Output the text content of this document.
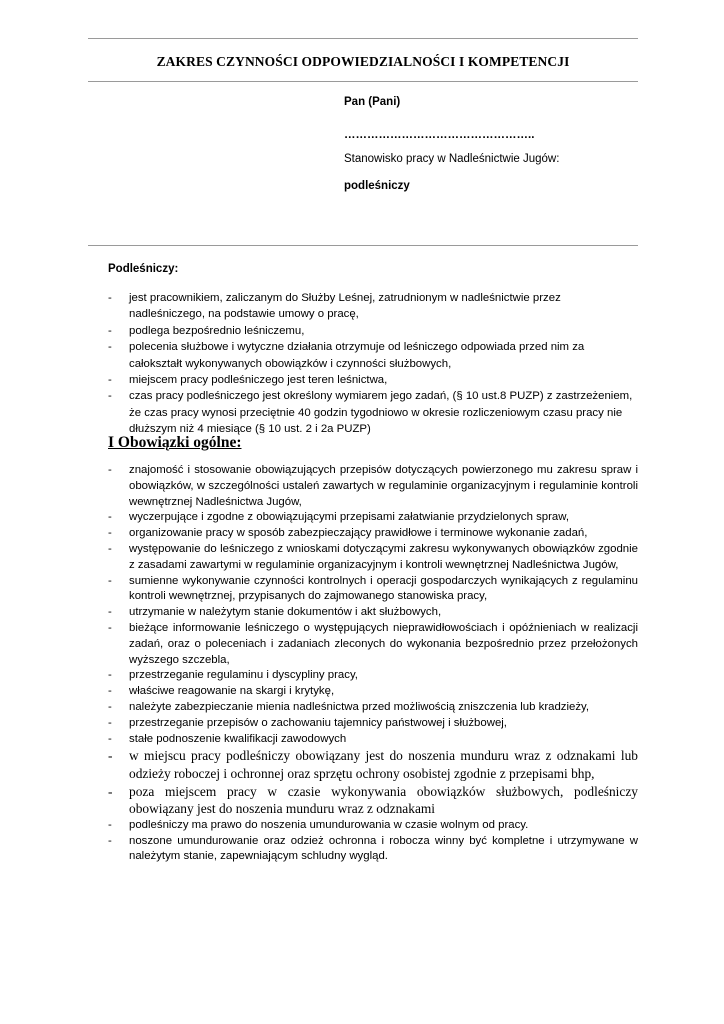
ZAKRES CZYNNOŚCI ODPOWIEDZIALNOŚCI I KOMPETENCJI
Pan (Pani)
…………………………………………..
Stanowisko pracy w Nadleśnictwie Jugów:
podleśniczy
Podleśniczy:
- jest pracownikiem, zaliczanym do Służby Leśnej, zatrudnionym w nadleśnictwie przez nadleśniczego, na podstawie umowy o pracę,
- podlega bezpośrednio leśniczemu,
- polecenia służbowe i wytyczne działania otrzymuje od leśniczego odpowiada przed nim za całokształt wykonywanych obowiązków i czynności służbowych,
- miejscem pracy podleśniczego jest teren leśnictwa,
- czas pracy podleśniczego jest określony wymiarem jego zadań, (§ 10 ust.8 PUZP) z zastrzeżeniem, że czas pracy wynosi przeciętnie 40 godzin tygodniowo w okresie rozliczeniowym czasu pracy nie dłuższym niż 4 miesiące (§ 10 ust. 2 i 2a PUZP)
I Obowiązki ogólne:
- znajomość i stosowanie obowiązujących przepisów dotyczących powierzonego mu zakresu spraw i obowiązków, w szczególności ustaleń zawartych w regulaminie organizacyjnym i regulaminie kontroli wewnętrznej Nadleśnictwa Jugów,
- wyczerpujące i zgodne z obowiązującymi przepisami załatwianie przydzielonych spraw,
- organizowanie pracy w sposób zabezpieczający prawidłowe i terminowe wykonanie zadań,
- występowanie do leśniczego z wnioskami dotyczącymi zakresu wykonywanych obowiązków zgodnie z zasadami zawartymi w regulaminie organizacyjnym i kontroli wewnętrznej Nadleśnictwa Jugów,
- sumienne wykonywanie czynności kontrolnych i operacji gospodarczych wynikających z regulaminu kontroli wewnętrznej, przypisanych do zajmowanego stanowiska pracy,
- utrzymanie w należytym stanie dokumentów i akt służbowych,
- bieżące informowanie leśniczego o występujących nieprawidłowościach i opóźnieniach w realizacji zadań, oraz o poleceniach i zadaniach zleconych do wykonania bezpośrednio przez przełożonych wyższego szczebla,
- przestrzeganie regulaminu i dyscypliny pracy,
- właściwe reagowanie na skargi i krytykę,
- należyte zabezpieczanie mienia nadleśnictwa przed możliwością zniszczenia lub kradzieży,
- przestrzeganie przepisów o zachowaniu tajemnicy państwowej i służbowej,
- stałe podnoszenie kwalifikacji zawodowych
- w miejscu pracy podleśniczy obowiązany jest do noszenia munduru wraz z odznakami lub odzieży roboczej i ochronnej oraz sprzętu ochrony osobistej zgodnie z przepisami bhp,
- poza miejscem pracy w czasie wykonywania obowiązków służbowych, podleśniczy obowiązany jest do noszenia munduru wraz z odznakami
- podleśniczy ma prawo do noszenia umundurowania w czasie wolnym od pracy.
- noszone umundurowanie oraz odzież ochronna i robocza winny być kompletne i utrzymywane w należytym stanie, zapewniającym schludny wygląd.
